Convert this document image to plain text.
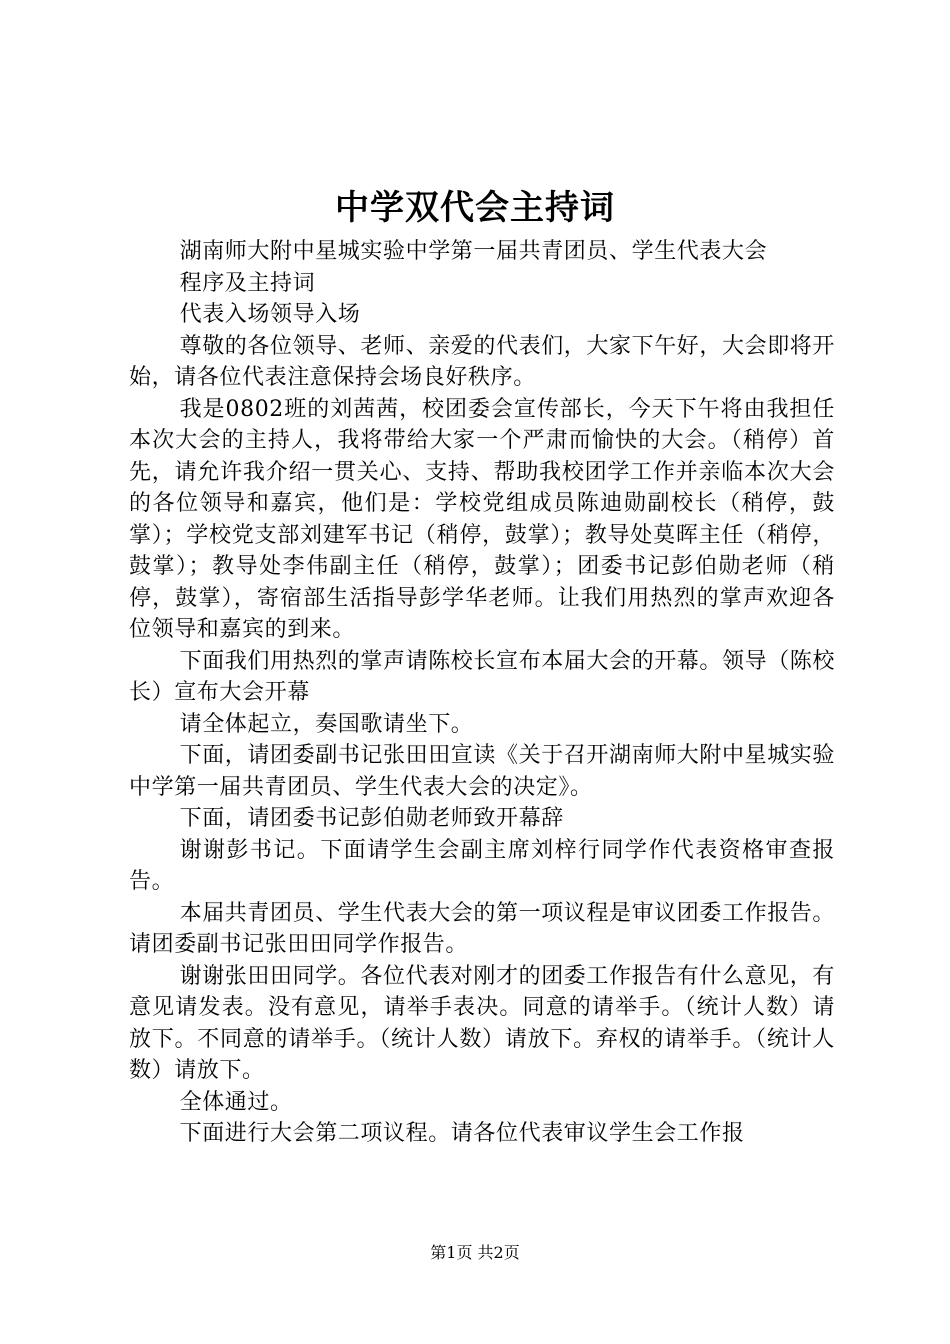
中学双代会主持词

湖南师大附中星城实验中学第一届共青团员、学生代表大会

程序及主持词

代表入场领导入场

尊敬的各位领导、老师、亲爱的代表们，大家下午好，大会即将开始，请各位代表注意保持会场良好秩序。

我是0802班的刘茜茜，校团委会宣传部长，今天下午将由我担任本次大会的主持人，我将带给大家一个严肃而愉快的大会。（稍停）首先，请允许我介绍一贯关心、支持、帮助我校团学工作并亲临本次大会的各位领导和嘉宾，他们是：学校党组成员陈迪勋副校长（稍停，鼓掌）；学校党支部刘建军书记（稍停，鼓掌）；教导处莫晖主任（稍停，鼓掌）；教导处李伟副主任（稍停，鼓掌）；团委书记彭伯勋老师（稍停，鼓掌），寄宿部生活指导彭学华老师。让我们用热烈的掌声欢迎各位领导和嘉宾的到来。

下面我们用热烈的掌声请陈校长宣布本届大会的开幕。领导（陈校长）宣布大会开幕

请全体起立，奏国歌请坐下。

下面，请团委副书记张田田宣读《关于召开湖南师大附中星城实验中学第一届共青团员、学生代表大会的决定》。

下面，请团委书记彭伯勋老师致开幕辞

谢谢彭书记。下面请学生会副主席刘梓行同学作代表资格审查报告。

本届共青团员、学生代表大会的第一项议程是审议团委工作报告。请团委副书记张田田同学作报告。

谢谢张田田同学。各位代表对刚才的团委工作报告有什么意见，有意见请发表。没有意见，请举手表决。同意的请举手。（统计人数）请放下。不同意的请举手。（统计人数）请放下。弃权的请举手。（统计人数）请放下。

全体通过。

下面进行大会第二项议程。请各位代表审议学生会工作报

第1页 共2页
